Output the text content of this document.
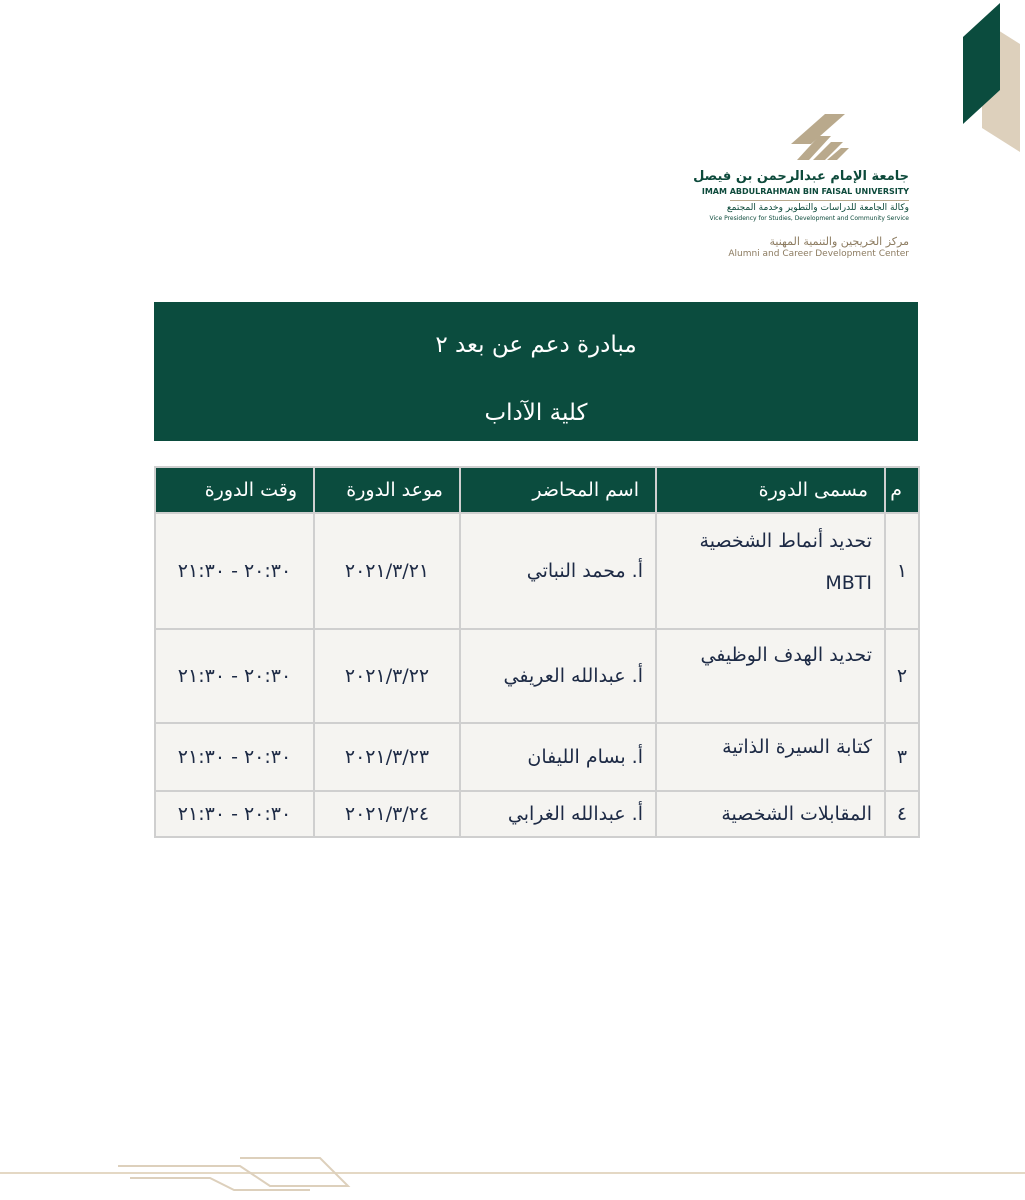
جامعة الإمام عبدالرحمن بن فيصل
IMAM ABDULRAHMAN BIN FAISAL UNIVERSITY
وكالة الجامعة للدراسات والتطوير وخدمة المجتمع
Vice Presidency for Studies, Development and Community Service
مركز الخريجين والتنمية المهنية
Alumni and Career Development Center
مبادرة دعم عن بعد ٢
كلية الآداب
م	مسمى الدورة	اسم المحاضر	موعد الدورة	وقت الدورة
١	تحديد أنماط الشخصية MBTI	أ. محمد النباتي	٢٠٢١/٣/٢١	٢٠:٣٠ - ٢١:٣٠
٢	تحديد الهدف الوظيفي	أ. عبدالله العريفي	٢٠٢١/٣/٢٢	٢٠:٣٠ - ٢١:٣٠
٣	كتابة السيرة الذاتية	أ. بسام الليفان	٢٠٢١/٣/٢٣	٢٠:٣٠ - ٢١:٣٠
٤	المقابلات الشخصية	أ. عبدالله الغرابي	٢٠٢١/٣/٢٤	٢٠:٣٠ - ٢١:٣٠
